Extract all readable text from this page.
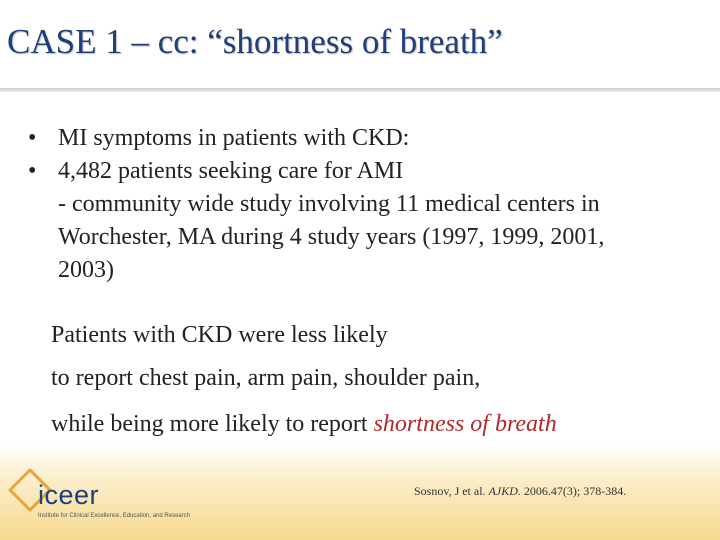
CASE 1 – cc: “shortness of breath”
• MI symptoms in patients with CKD:
• 4,482 patients seeking care for AMI
- community wide study involving 11 medical centers in
Worchester, MA during 4 study years (1997, 1999, 2001,
2003)
Patients with CKD were less likely
to report chest pain, arm pain, shoulder pain,
while being more likely to report shortness of breath
iceer
Institute for Clinical Excellence, Education, and Research
Sosnov, J et al. AJKD. 2006.47(3); 378-384.
